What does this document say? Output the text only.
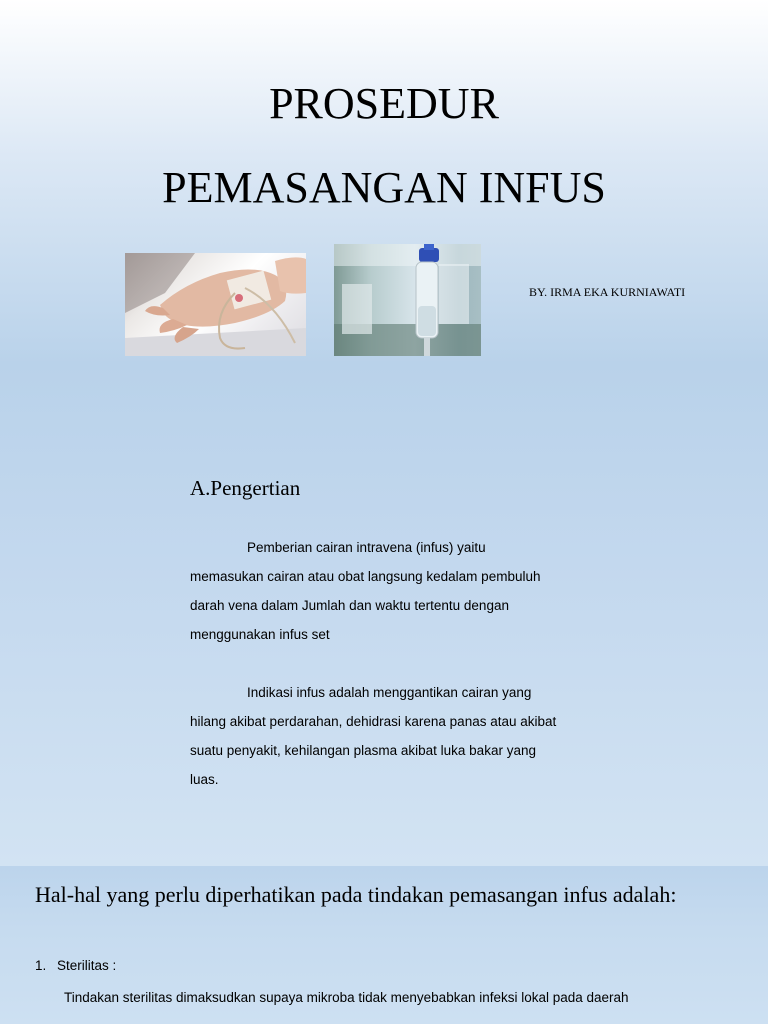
PROSEDUR
PEMASANGAN INFUS
BY. IRMA EKA KURNIAWATI
A.Pengertian
Pemberian cairan intravena (infus) yaitu
memasukan cairan atau obat langsung kedalam pembuluh
darah vena dalam Jumlah dan waktu tertentu dengan
menggunakan infus set
Indikasi infus adalah menggantikan cairan yang
hilang akibat perdarahan, dehidrasi karena panas atau akibat
suatu penyakit, kehilangan plasma akibat luka bakar yang
luas.
Hal-hal yang perlu diperhatikan pada tindakan pemasangan infus adalah:
1. Sterilitas :
Tindakan sterilitas dimaksudkan supaya mikroba tidak menyebabkan infeksi lokal pada daerah
